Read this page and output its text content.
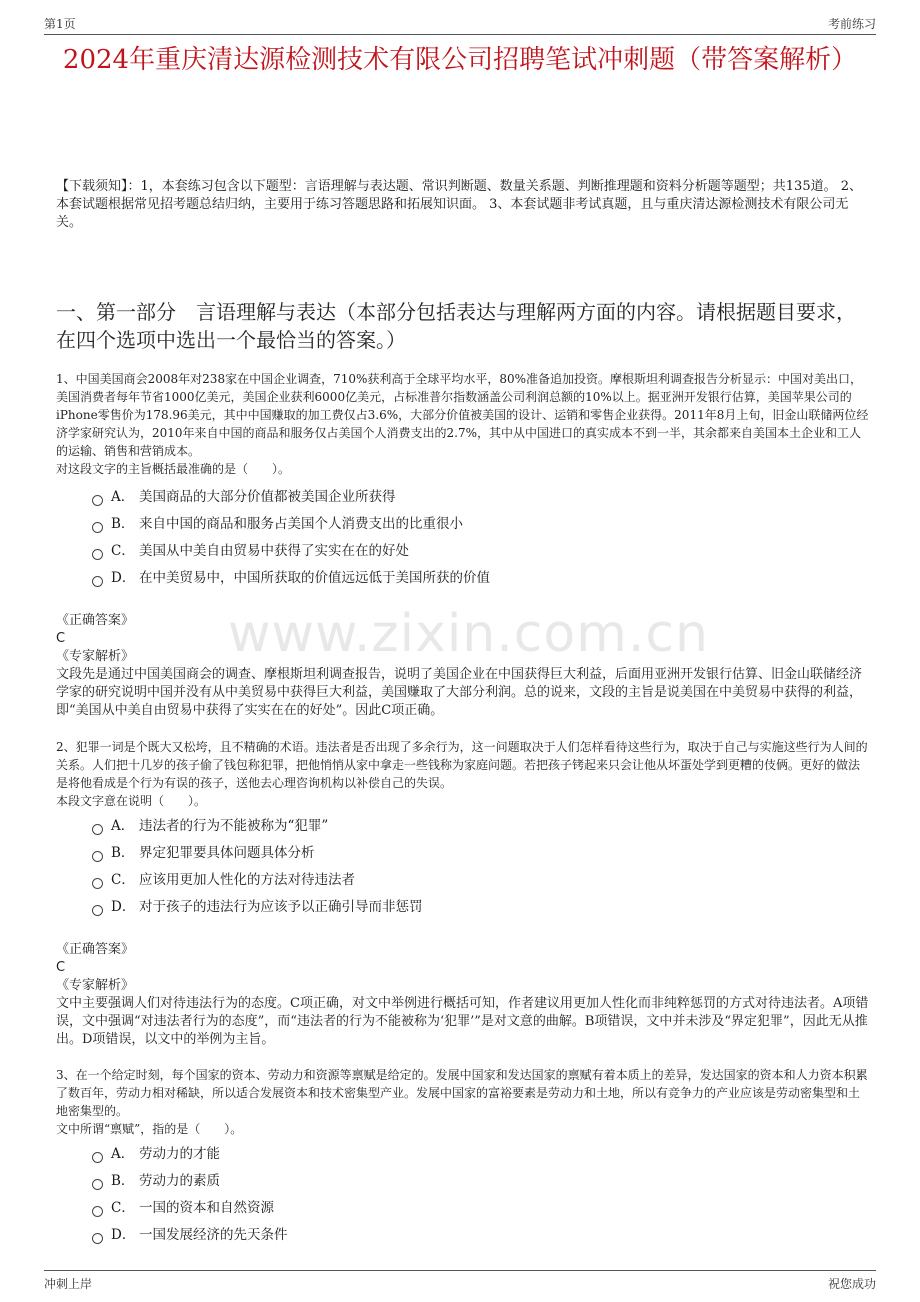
第1页	考前练习
2024年重庆清达源检测技术有限公司招聘笔试冲刺题（带答案解析）
【下载须知】：1，本套练习包含以下题型：言语理解与表达题、常识判断题、数量关系题、判断推理题和资料分析题等题型；共135道。 2、本套试题根据常见招考题总结归纳，主要用于练习答题思路和拓展知识面。 3、本套试题非考试真题，且与重庆清达源检测技术有限公司无关。
一、第一部分　言语理解与表达（本部分包括表达与理解两方面的内容。请根据题目要求，在四个选项中选出一个最恰当的答案。）
www.zixin.com.cn
1、中国美国商会2008年对238家在中国企业调查，710%获利高于全球平均水平，80%准备追加投资。摩根斯坦利调查报告分析显示：中国对美出口，美国消费者每年节省1000亿美元，美国企业获利6000亿美元，占标准普尔指数涵盖公司利润总额的10%以上。据亚洲开发银行估算，美国苹果公司的iPhone零售价为178.96美元，其中中国赚取的加工费仅占3.6%，大部分价值被美国的设计、运销和零售企业获得。2011年8月上旬，旧金山联储两位经济学家研究认为，2010年来自中国的商品和服务仅占美国个人消费支出的2.7%，其中从中国进口的真实成本不到一半，其余都来自美国本土企业和工人的运输、销售和营销成本。
对这段文字的主旨概括最准确的是（　　）。
A． 美国商品的大部分价值都被美国企业所获得
B． 来自中国的商品和服务占美国个人消费支出的比重很小
C． 美国从中美自由贸易中获得了实实在在的好处
D． 在中美贸易中，中国所获取的价值远远低于美国所获的价值
《正确答案》
C
《专家解析》
文段先是通过中国美国商会的调查、摩根斯坦利调查报告，说明了美国企业在中国获得巨大利益，后面用亚洲开发银行估算、旧金山联储经济学家的研究说明中国并没有从中美贸易中获得巨大利益，美国赚取了大部分利润。总的说来，文段的主旨是说美国在中美贸易中获得的利益，即“美国从中美自由贸易中获得了实实在在的好处”。因此C项正确。
2、犯罪一词是个既大又松垮，且不精确的术语。违法者是否出现了多余行为，这一问题取决于人们怎样看待这些行为，取决于自己与实施这些行为人间的关系。人们把十几岁的孩子偷了钱包称犯罪，把他悄悄从家中拿走一些钱称为家庭问题。若把孩子铐起来只会让他从坏蛋处学到更糟的伎俩。更好的做法是将他看成是个行为有误的孩子，送他去心理咨询机构以补偿自己的失误。
本段文字意在说明（　　）。
A． 违法者的行为不能被称为“犯罪”
B． 界定犯罪要具体问题具体分析
C． 应该用更加人性化的方法对待违法者
D． 对于孩子的违法行为应该予以正确引导而非惩罚
《正确答案》
C
《专家解析》
文中主要强调人们对待违法行为的态度。C项正确，对文中举例进行概括可知，作者建议用更加人性化而非纯粹惩罚的方式对待违法者。A项错误，文中强调“对违法者行为的态度”，而“违法者的行为不能被称为‘犯罪’”是对文意的曲解。B项错误，文中并未涉及“界定犯罪”，因此无从推出。D项错误，以文中的举例为主旨。
3、在一个给定时刻，每个国家的资本、劳动力和资源等禀赋是给定的。发展中国家和发达国家的禀赋有着本质上的差异，发达国家的资本和人力资本积累了数百年，劳动力相对稀缺，所以适合发展资本和技术密集型产业。发展中国家的富裕要素是劳动力和土地，所以有竞争力的产业应该是劳动密集型和土地密集型的。
文中所谓“禀赋”，指的是（　　）。
A． 劳动力的才能
B． 劳动力的素质
C． 一国的资本和自然资源
D． 一国发展经济的先天条件
冲刺上岸	祝您成功
